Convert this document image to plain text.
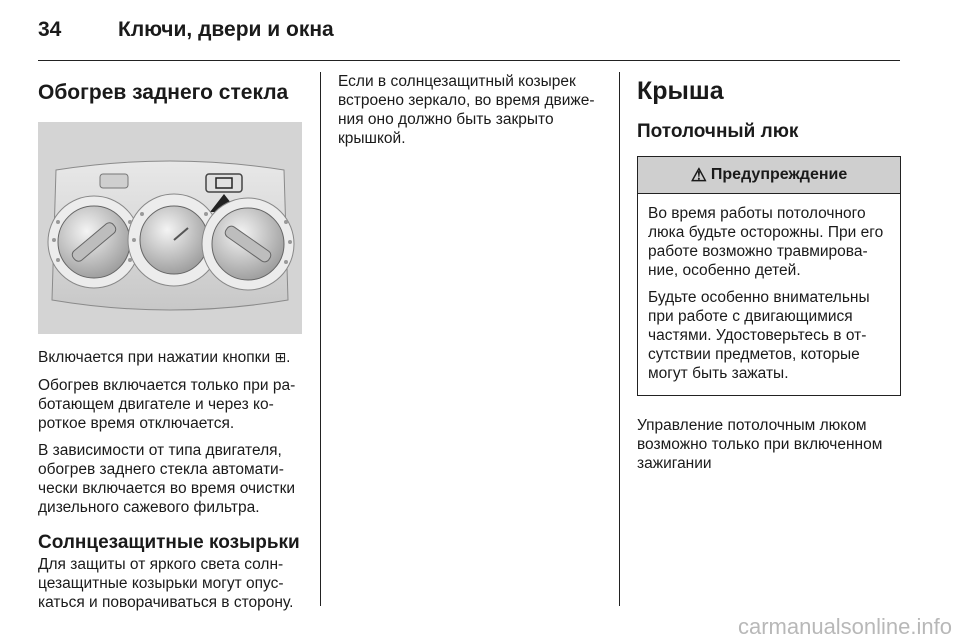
34	Ключи, двери и окна
Обогрев заднего стекла

Включается при нажатии кнопки ⊞.

Обогрев включается только при ра-ботающем двигателе и через ко-роткое время отключается.

В зависимости от типа двигателя, обогрев заднего стекла автомати-чески включается во время очистки дизельного сажевого фильтра.

Солнцезащитные козырьки

Для защиты от яркого света солн-цезащитные козырьки могут опус-каться и поворачиваться в сторону.

Если в солнцезащитный козырек встроено зеркало, во время движе-ния оно должно быть закрыто крышкой.

Крыша
Потолочный люк
⚠ Предупреждение

Во время работы потолочного люка будьте осторожны. При его работе возможно травмирова-ние, особенно детей.

Будьте особенно внимательны при работе с двигающимися частями. Удостоверьтесь в от-сутствии предметов, которые могут быть зажаты.

Управление потолочным люком возможно только при включенном зажигании

carmanualsonline.info
